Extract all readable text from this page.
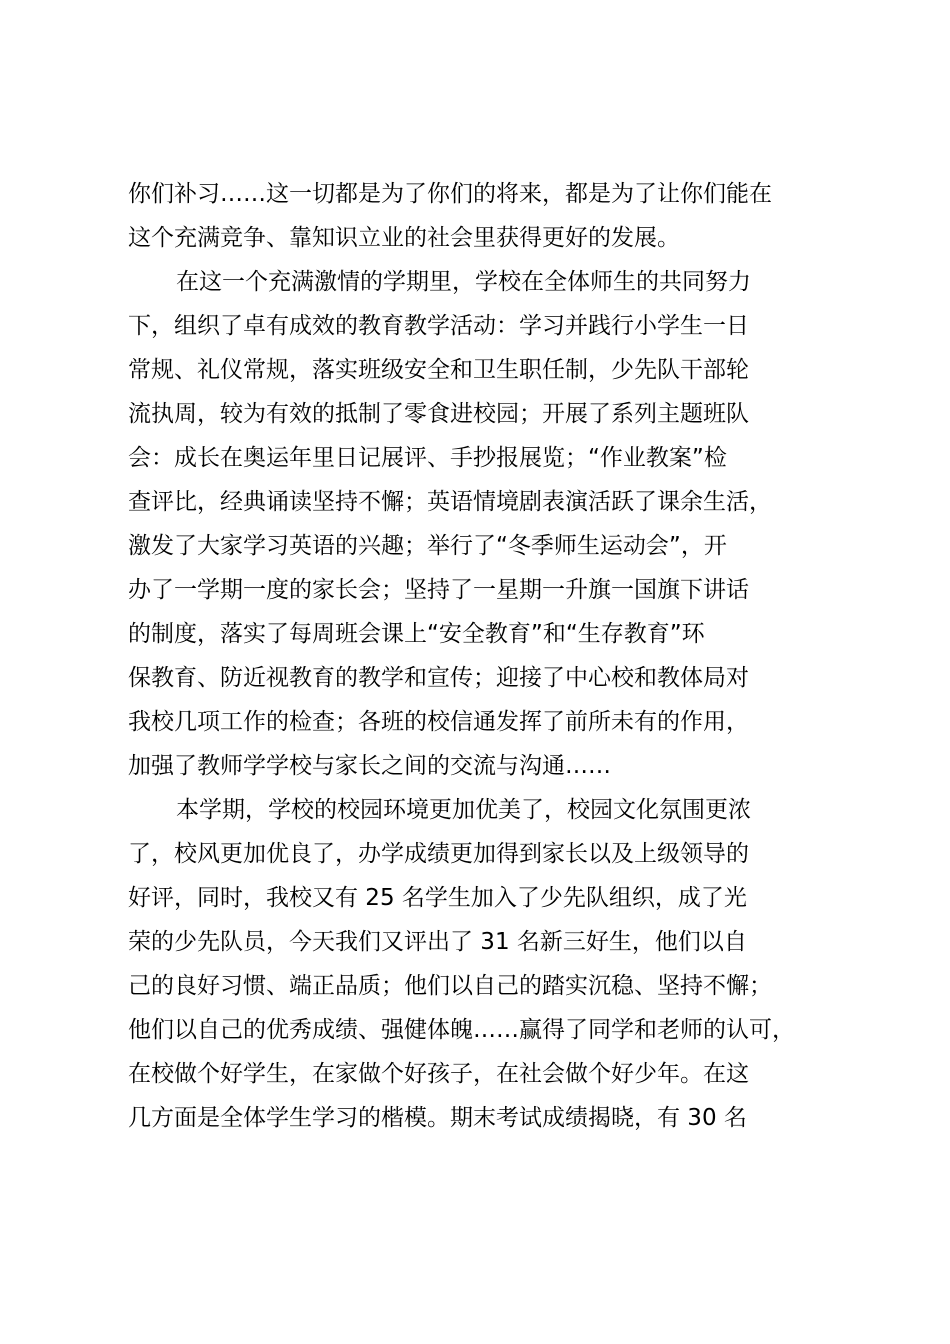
你们补习……这一切都是为了你们的将来，都是为了让你们能在
这个充满竞争、靠知识立业的社会里获得更好的发展。
在这一个充满激情的学期里，学校在全体师生的共同努力
下，组织了卓有成效的教育教学活动：学习并践行小学生一日
常规、礼仪常规，落实班级安全和卫生职任制，少先队干部轮
流执周，较为有效的抵制了零食进校园；开展了系列主题班队
会：成长在奥运年里日记展评、手抄报展览；“作业教案”检
查评比，经典诵读坚持不懈；英语情境剧表演活跃了课余生活，
激发了大家学习英语的兴趣；举行了“冬季师生运动会”，开
办了一学期一度的家长会；坚持了一星期一升旗一国旗下讲话
的制度，落实了每周班会课上“安全教育”和“生存教育”环
保教育、防近视教育的教学和宣传；迎接了中心校和教体局对
我校几项工作的检查；各班的校信通发挥了前所未有的作用，
加强了教师学学校与家长之间的交流与沟通……
本学期，学校的校园环境更加优美了，校园文化氛围更浓
了，校风更加优良了，办学成绩更加得到家长以及上级领导的
好评，同时，我校又有 25 名学生加入了少先队组织，成了光
荣的少先队员，今天我们又评出了 31 名新三好生，他们以自
己的良好习惯、端正品质；他们以自己的踏实沉稳、坚持不懈；
他们以自己的优秀成绩、强健体魄……赢得了同学和老师的认可，
在校做个好学生，在家做个好孩子，在社会做个好少年。在这
几方面是全体学生学习的楷模。期末考试成绩揭晓，有 30 名
